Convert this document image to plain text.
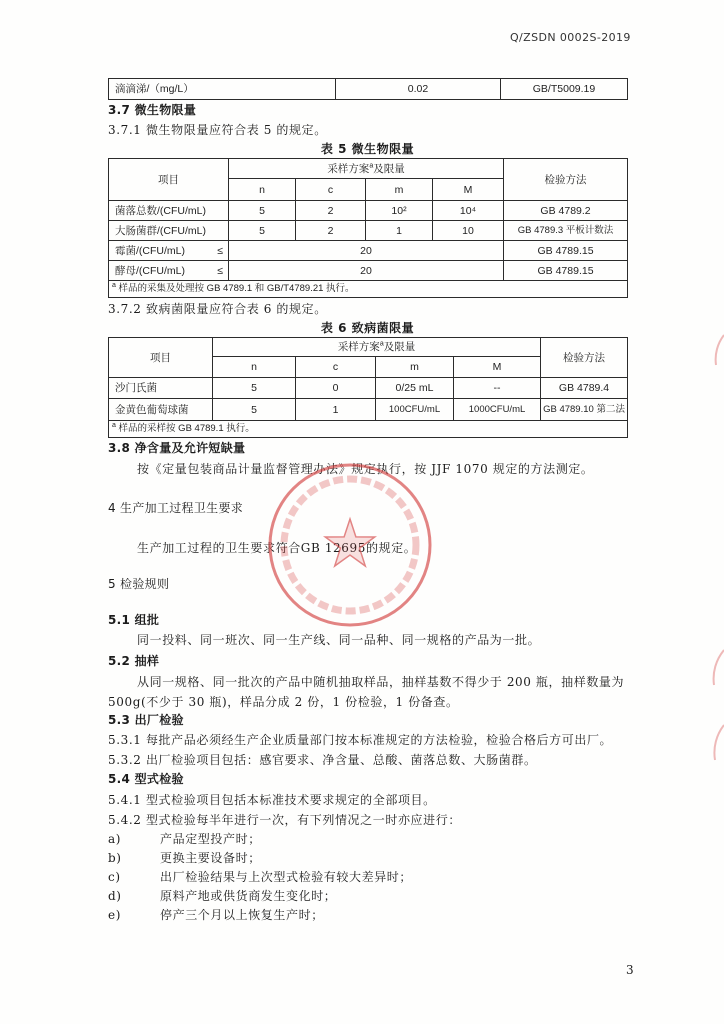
Q/ZSDN 0002S-2019
滴滴涕/（mg/L）	0.02	GB/T5009.19
3.7 微生物限量
3.7.1 微生物限量应符合表 5 的规定。
表 5 微生物限量
项目	采样方案$^a$及限量				检验方法
	n	c	m	M	
菌落总数/(CFU/mL)	5	2	10²	10⁴	GB 4789.2
大肠菌群/(CFU/mL)	5	2	1	10	GB 4789.3 平板计数法

霉菌/(CFU/mL) ≤	20				GB 4789.15

酵母/(CFU/mL) ≤	20				GB 4789.15
$^a$ 样品的采集及处理按 GB 4789.1 和 GB/T4789.21 执行。					
3.7.2 致病菌限量应符合表 6 的规定。
表 6 致病菌限量
项目	采样方案$^a$及限量				检验方法
	n	c	m	M	
沙门氏菌	5	0	0/25 mL	--	GB 4789.4
金黄色葡萄球菌	5	1	100CFU/mL	1000CFU/mL	GB 4789.10 第二法
$^a$ 样品的采样按 GB 4789.1 执行。					
3.8 净含量及允许短缺量
按《定量包装商品计量监督管理办法》规定执行，按 JJF 1070 规定的方法测定。
4 生产加工过程卫生要求
生产加工过程的卫生要求符合GB 12695的规定。
5 检验规则
5.1 组批
同一投料、同一班次、同一生产线、同一品种、同一规格的产品为一批。
5.2 抽样
从同一规格、同一批次的产品中随机抽取样品，抽样基数不得少于 200 瓶，抽样数量为
500g(不少于 30 瓶)，样品分成 2 份，1 份检验，1 份备查。
5.3 出厂检验
5.3.1 每批产品必须经生产企业质量部门按本标准规定的方法检验，检验合格后方可出厂。
5.3.2 出厂检验项目包括：感官要求、净含量、总酸、菌落总数、大肠菌群。
5.4 型式检验
5.4.1 型式检验项目包括本标准技术要求规定的全部项目。
5.4.2 型式检验每半年进行一次，有下列情况之一时亦应进行：
a)	产品定型投产时；
b)	更换主要设备时；
c)	出厂检验结果与上次型式检验有较大差异时；
d)	原料产地或供货商发生变化时；
e)	停产三个月以上恢复生产时；
3
